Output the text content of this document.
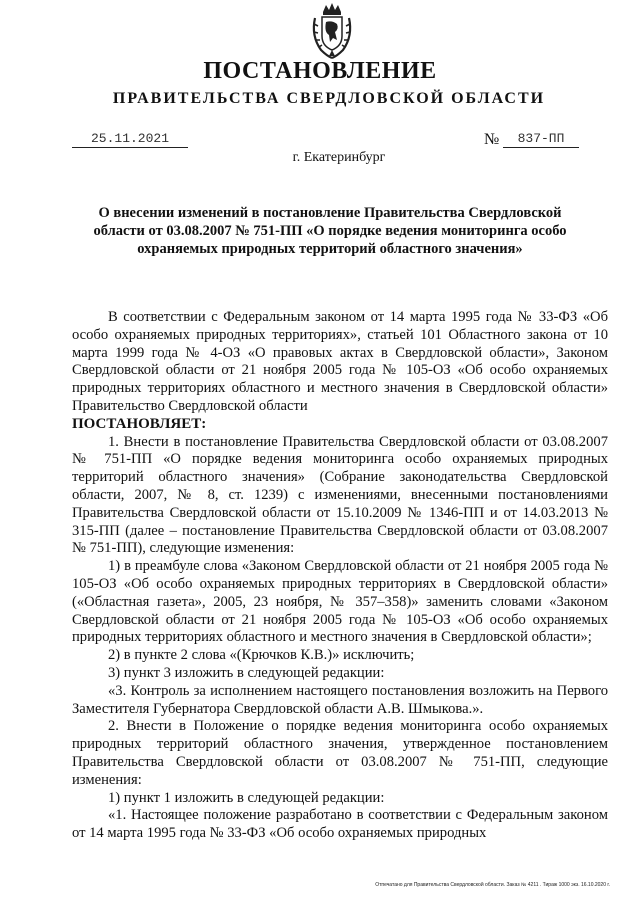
ПОСТАНОВЛЕНИЕ
ПРАВИТЕЛЬСТВА СВЕРДЛОВСКОЙ ОБЛАСТИ
25.11.2021	№	837-ПП
г. Екатеринбург
О внесении изменений в постановление Правительства Свердловской области от 03.08.2007 № 751-ПП «О порядке ведения мониторинга особо охраняемых природных территорий областного значения»

В соответствии с Федеральным законом от 14 марта 1995 года № 33-ФЗ «Об особо охраняемых природных территориях», статьей 101 Областного закона от 10 марта 1999 года № 4-ОЗ «О правовых актах в Свердловской области», Законом Свердловской области от 21 ноября 2005 года № 105-ОЗ «Об особо охраняемых природных территориях областного и местного значения в Свердловской области» Правительство Свердловской области

ПОСТАНОВЛЯЕТ:

1. Внести в постановление Правительства Свердловской области от 03.08.2007 № 751-ПП «О порядке ведения мониторинга особо охраняемых природных территорий областного значения» (Собрание законодательства Свердловской области, 2007, № 8, ст. 1239) с изменениями, внесенными постановлениями Правительства Свердловской области от 15.10.2009 № 1346-ПП и от 14.03.2013 № 315-ПП (далее – постановление Правительства Свердловской области от 03.08.2007 № 751-ПП), следующие изменения:

1) в преамбуле слова «Законом Свердловской области от 21 ноября 2005 года № 105-ОЗ «Об особо охраняемых природных территориях в Свердловской области» («Областная газета», 2005, 23 ноября, № 357–358)» заменить словами «Законом Свердловской области от 21 ноября 2005 года № 105-ОЗ «Об особо охраняемых природных территориях областного и местного значения в Свердловской области»;

2) в пункте 2 слова «(Крючков К.В.)» исключить;

3) пункт 3 изложить в следующей редакции:

«3. Контроль за исполнением настоящего постановления возложить на Первого Заместителя Губернатора Свердловской области А.В. Шмыкова.».

2. Внести в Положение о порядке ведения мониторинга особо охраняемых природных территорий областного значения, утвержденное постановлением Правительства Свердловской области от 03.08.2007 № 751-ПП, следующие изменения:

1) пункт 1 изложить в следующей редакции:

«1. Настоящее положение разработано в соответствии с Федеральным законом от 14 марта 1995 года № 33-ФЗ «Об особо охраняемых природных

Отпечатано для Правительства Свердловской области. Заказ № 4211 . Тираж 1000 экз. 16.10.2020 г.
